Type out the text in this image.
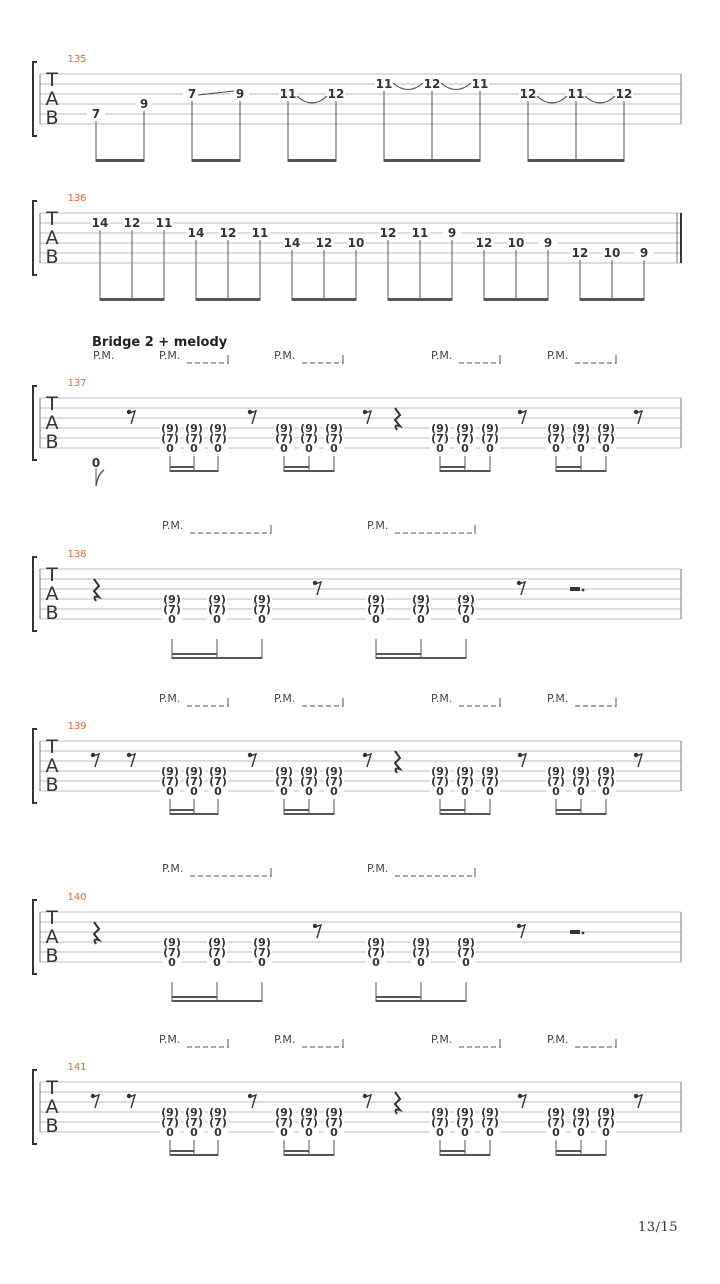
T
A
B
135
7
9
7	9	11	12
11	12	11
12	11	12
T
A
B
136
14 12 11
14 12 11
14 12 10
12 11 9
12 10 9
12 10 9
Bridge 2 + melody
T
A
B
137
P.M.	P.M.	P.M.	P.M.	P.M.
0
(9)
(7)
0
(9)
(7)
0
(9)
(7)
0
(9)
(7)
0
(9)
(7)
0
(9)
(7)
0
(9)
(7)
0
(9)
(7)
0
(9)
(7)
0
(9)
(7)
0
(9)
(7)
0
(9)
(7)
0
T
A
B
138
P.M.	P.M.
(9)
(7)
0
(9)
(7)
0
(9)
(7)
0
(9)
(7)
0
(9)
(7)
0
(9)
(7)
0
T
A
B
139
P.M.	P.M.	P.M.	P.M.
(9)
(7)
0
(9)
(7)
0
(9)
(7)
0
(9)
(7)
0
(9)
(7)
0
(9)
(7)
0
(9)
(7)
0
(9)
(7)
0
(9)
(7)
0
(9)
(7)
0
(9)
(7)
0
(9)
(7)
0
T
A
B
140
P.M.	P.M.
(9)
(7)
0
(9)
(7)
0
(9)
(7)
0
(9)
(7)
0
(9)
(7)
0
(9)
(7)
0
T
A
B
141
P.M.	P.M.	P.M.	P.M.
(9)
(7)
0
(9)
(7)
0
(9)
(7)
0
(9)
(7)
0
(9)
(7)
0
(9)
(7)
0
(9)
(7)
0
(9)
(7)
0
(9)
(7)
0
(9)
(7)
0
(9)
(7)
0
(9)
(7)
0
13/15
